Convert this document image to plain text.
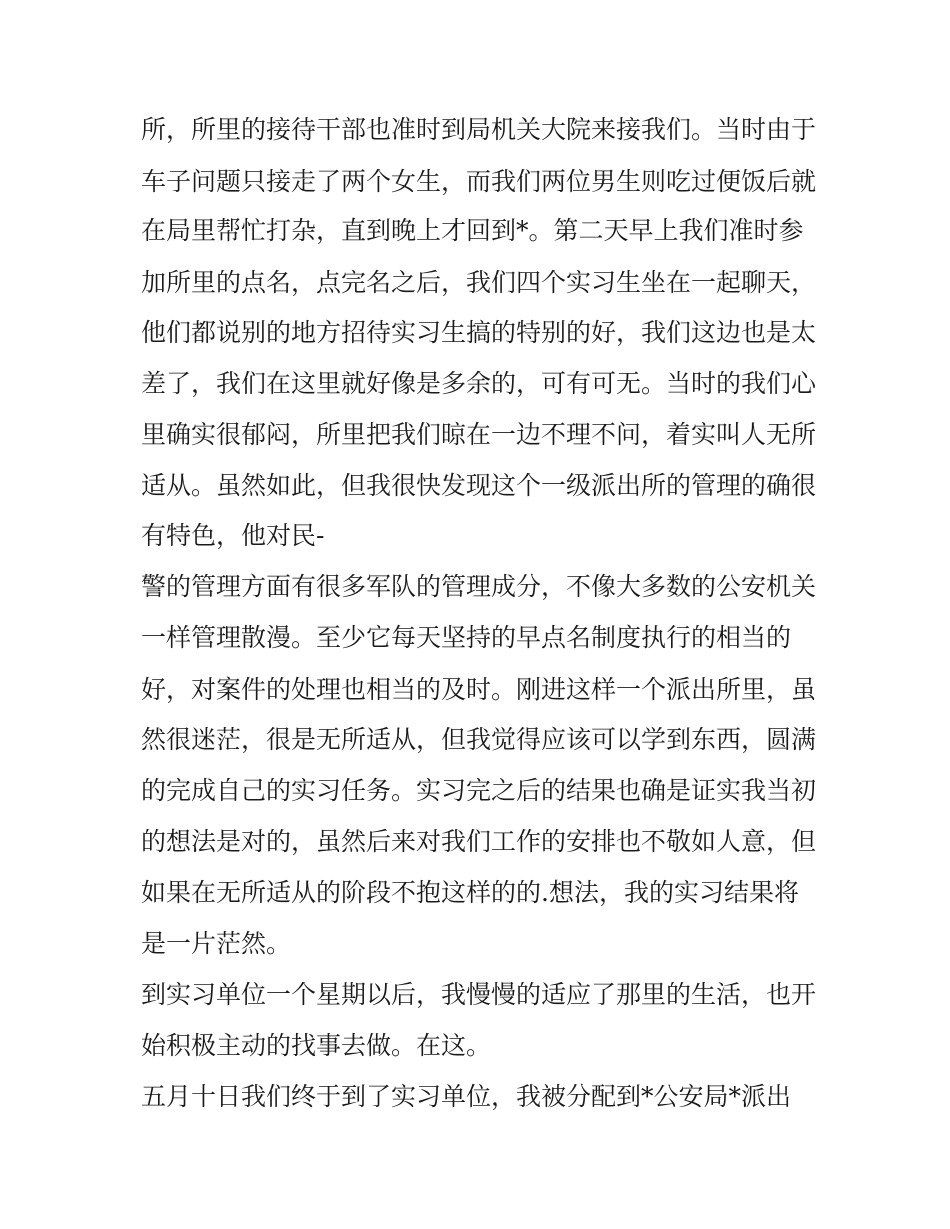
所，所里的接待干部也准时到局机关大院来接我们。当时由于
车子问题只接走了两个女生，而我们两位男生则吃过便饭后就
在局里帮忙打杂，直到晚上才回到*。第二天早上我们准时参
加所里的点名，点完名之后，我们四个实习生坐在一起聊天，
他们都说别的地方招待实习生搞的特别的好，我们这边也是太
差了，我们在这里就好像是多余的，可有可无。当时的我们心
里确实很郁闷，所里把我们晾在一边不理不问，着实叫人无所
适从。虽然如此，但我很快发现这个一级派出所的管理的确很
有特色，他对民-
警的管理方面有很多军队的管理成分，不像大多数的公安机关
一样管理散漫。至少它每天坚持的早点名制度执行的相当的
好，对案件的处理也相当的及时。刚进这样一个派出所里，虽
然很迷茫，很是无所适从，但我觉得应该可以学到东西，圆满
的完成自己的实习任务。实习完之后的结果也确是证实我当初
的想法是对的，虽然后来对我们工作的安排也不敬如人意，但
如果在无所适从的阶段不抱这样的的.想法，我的实习结果将
是一片茫然。
到实习单位一个星期以后，我慢慢的适应了那里的生活，也开
始积极主动的找事去做。在这。
五月十日我们终于到了实习单位，我被分配到*公安局*派出
